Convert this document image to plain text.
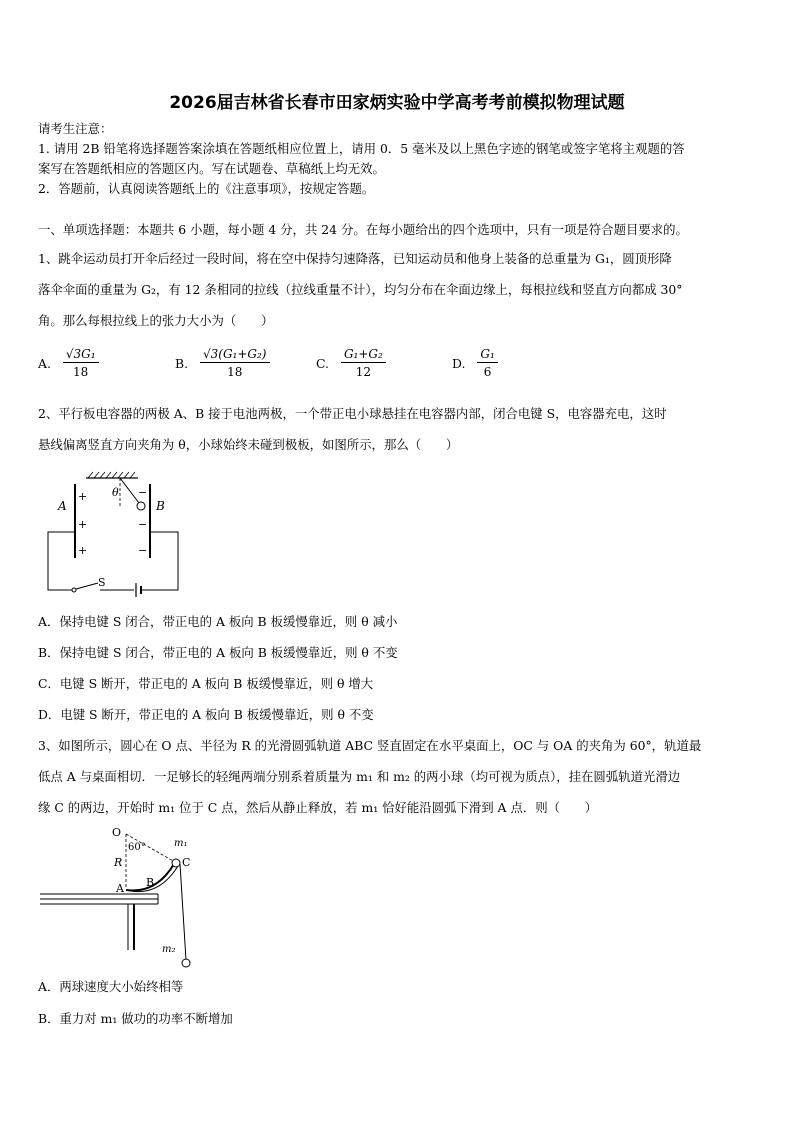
2026届吉林省长春市田家炳实验中学高考考前模拟物理试题
请考生注意：
1. 请用 2B 铅笔将选择题答案涂填在答题纸相应位置上，请用 0．5 毫米及以上黑色字迹的钢笔或签字笔将主观题的答
案写在答题纸相应的答题区内。写在试题卷、草稿纸上均无效。
2．答题前，认真阅读答题纸上的《注意事项》，按规定答题。
一、单项选择题：本题共 6 小题，每小题 4 分，共 24 分。在每小题给出的四个选项中，只有一项是符合题目要求的。
1、跳伞运动员打开伞后经过一段时间，将在空中保持匀速降落，已知运动员和他身上装备的总重量为 G₁，圆顶形降
落伞伞面的重量为 G₂，有 12 条相同的拉线（拉线重量不计），均匀分布在伞面边缘上，每根拉线和竖直方向都成 30°
角。那么每根拉线上的张力大小为（　　）
A. $\frac{\text{√3G₁}}{18}$	B. $\frac{\text{√3(G₁+G₂)}}{18}$	C. $\frac{\text{G₁+G₂}}{12}$	D. $\frac{\text{G₁}}{6}$
2、平行板电容器的两极 A、B 接于电池两极，一个带正电小球悬挂在电容器内部，闭合电键 S，电容器充电，这时
悬线偏离竖直方向夹角为 θ，小球始终未碰到极板，如图所示，那么（　　）
A	B
θ
S
+
+
+
−
−
−
A．保持电键 S 闭合，带正电的 A 板向 B 板缓慢靠近，则 θ 减小
B．保持电键 S 闭合，带正电的 A 板向 B 板缓慢靠近，则 θ 不变
C．电键 S 断开，带正电的 A 板向 B 板缓慢靠近，则 θ 增大
D．电键 S 断开，带正电的 A 板向 B 板缓慢靠近，则 θ 不变
3、如图所示，圆心在 O 点、半径为 R 的光滑圆弧轨道 ABC 竖直固定在水平桌面上，OC 与 OA 的夹角为 60°，轨道最
低点 A 与桌面相切．一足够长的轻绳两端分别系着质量为 m₁ 和 m₂ 的两小球（均可视为质点），挂在圆弧轨道光滑边
缘 C 的两边，开始时 m₁ 位于 C 点，然后从静止释放，若 m₁ 恰好能沿圆弧下滑到 A 点．则（　　）
O
60°
R
A B
C
m₁
m₂
A．两球速度大小始终相等
B．重力对 m₁ 做功的功率不断增加
